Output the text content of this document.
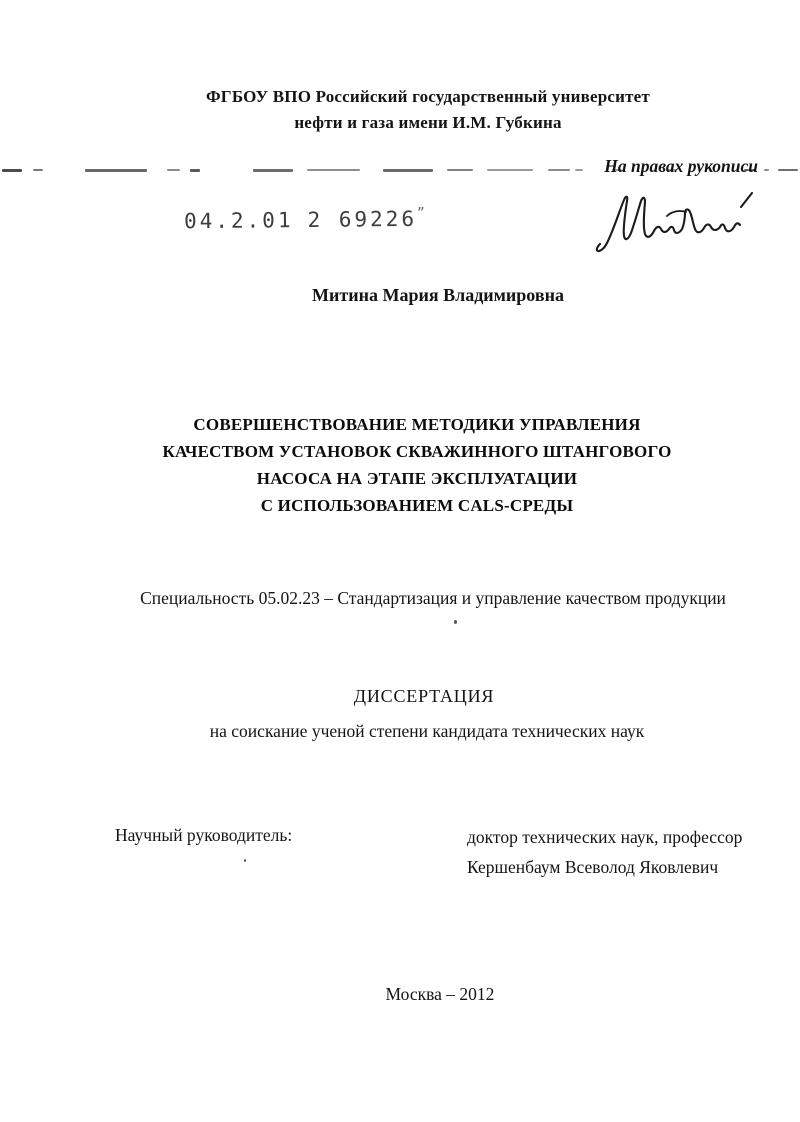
ФГБОУ ВПО Российский государственный университет
нефти и газа имени И.М. Губкина
На правах рукописи
04.2.01 2 69226”
Митина Мария Владимировна
СОВЕРШЕНСТВОВАНИЕ МЕТОДИКИ УПРАВЛЕНИЯ
КАЧЕСТВОМ УСТАНОВОК СКВАЖИННОГО ШТАНГОВОГО
НАСОСА НА ЭТАПЕ ЭКСПЛУАТАЦИИ
С ИСПОЛЬЗОВАНИЕМ CALS-СРЕДЫ
Специальность 05.02.23 – Стандартизация и управление качеством продукции
ДИССЕРТАЦИЯ
на соискание ученой степени кандидата технических наук
Научный руководитель:	доктор технических наук, профессор
Кершенбаум Всеволод Яковлевич
Москва – 2012
